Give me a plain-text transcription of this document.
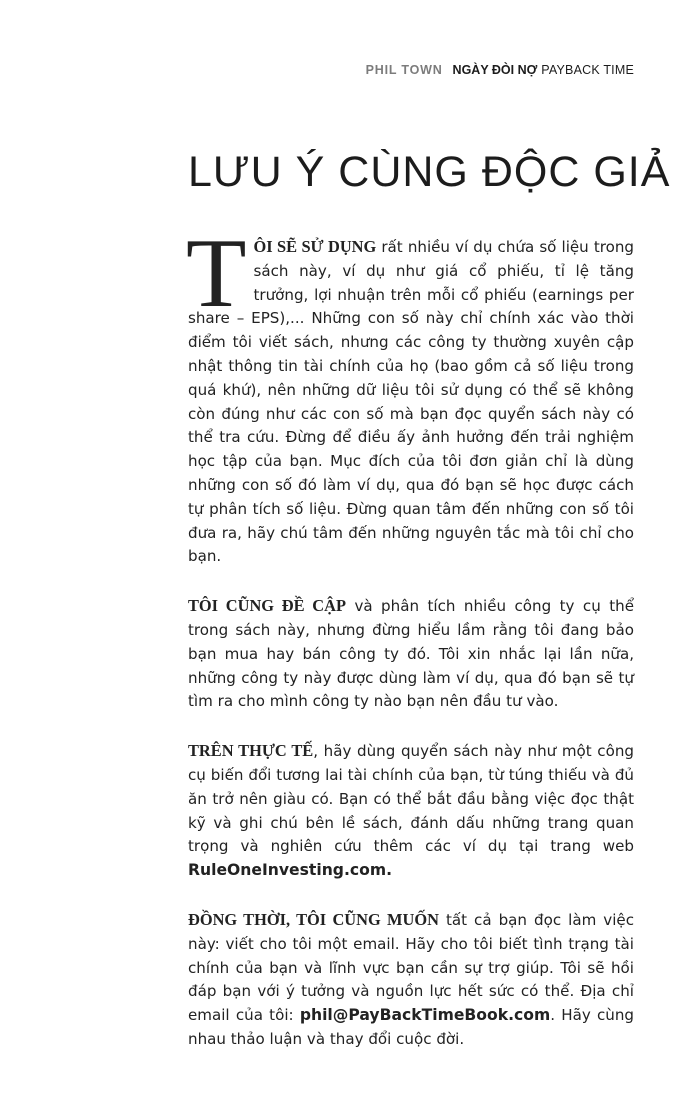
PHIL TOWN NGÀY ĐÒI NỢ PAYBACK TIME
LƯU Ý CÙNG ĐỘC GIẢ

TÔI SẼ SỬ DỤNG rất nhiều ví dụ chứa số liệu trong sách này, ví dụ như giá cổ phiếu, tỉ lệ tăng trưởng, lợi nhuận trên mỗi cổ phiếu (earnings per share – EPS),... Những con số này chỉ chính xác vào thời điểm tôi viết sách, nhưng các công ty thường xuyên cập nhật thông tin tài chính của họ (bao gồm cả số liệu trong quá khứ), nên những dữ liệu tôi sử dụng có thể sẽ không còn đúng như các con số mà bạn đọc quyển sách này có thể tra cứu. Đừng để điều ấy ảnh hưởng đến trải nghiệm học tập của bạn. Mục đích của tôi đơn giản chỉ là dùng những con số đó làm ví dụ, qua đó bạn sẽ học được cách tự phân tích số liệu. Đừng quan tâm đến những con số tôi đưa ra, hãy chú tâm đến những nguyên tắc mà tôi chỉ cho bạn.

TÔI CŨNG ĐỀ CẬP và phân tích nhiều công ty cụ thể trong sách này, nhưng đừng hiểu lầm rằng tôi đang bảo bạn mua hay bán công ty đó. Tôi xin nhắc lại lần nữa, những công ty này được dùng làm ví dụ, qua đó bạn sẽ tự tìm ra cho mình công ty nào bạn nên đầu tư vào.

TRÊN THỰC TẾ, hãy dùng quyển sách này như một công cụ biến đổi tương lai tài chính của bạn, từ túng thiếu và đủ ăn trở nên giàu có. Bạn có thể bắt đầu bằng việc đọc thật kỹ và ghi chú bên lề sách, đánh dấu những trang quan trọng và nghiên cứu thêm các ví dụ tại trang web RuleOneInvesting.com.

ĐỒNG THỜI, TÔI CŨNG MUỐN tất cả bạn đọc làm việc này: viết cho tôi một email. Hãy cho tôi biết tình trạng tài chính của bạn và lĩnh vực bạn cần sự trợ giúp. Tôi sẽ hồi đáp bạn với ý tưởng và nguồn lực hết sức có thể. Địa chỉ email của tôi: phil@PayBackTimeBook.com. Hãy cùng nhau thảo luận và thay đổi cuộc đời.
